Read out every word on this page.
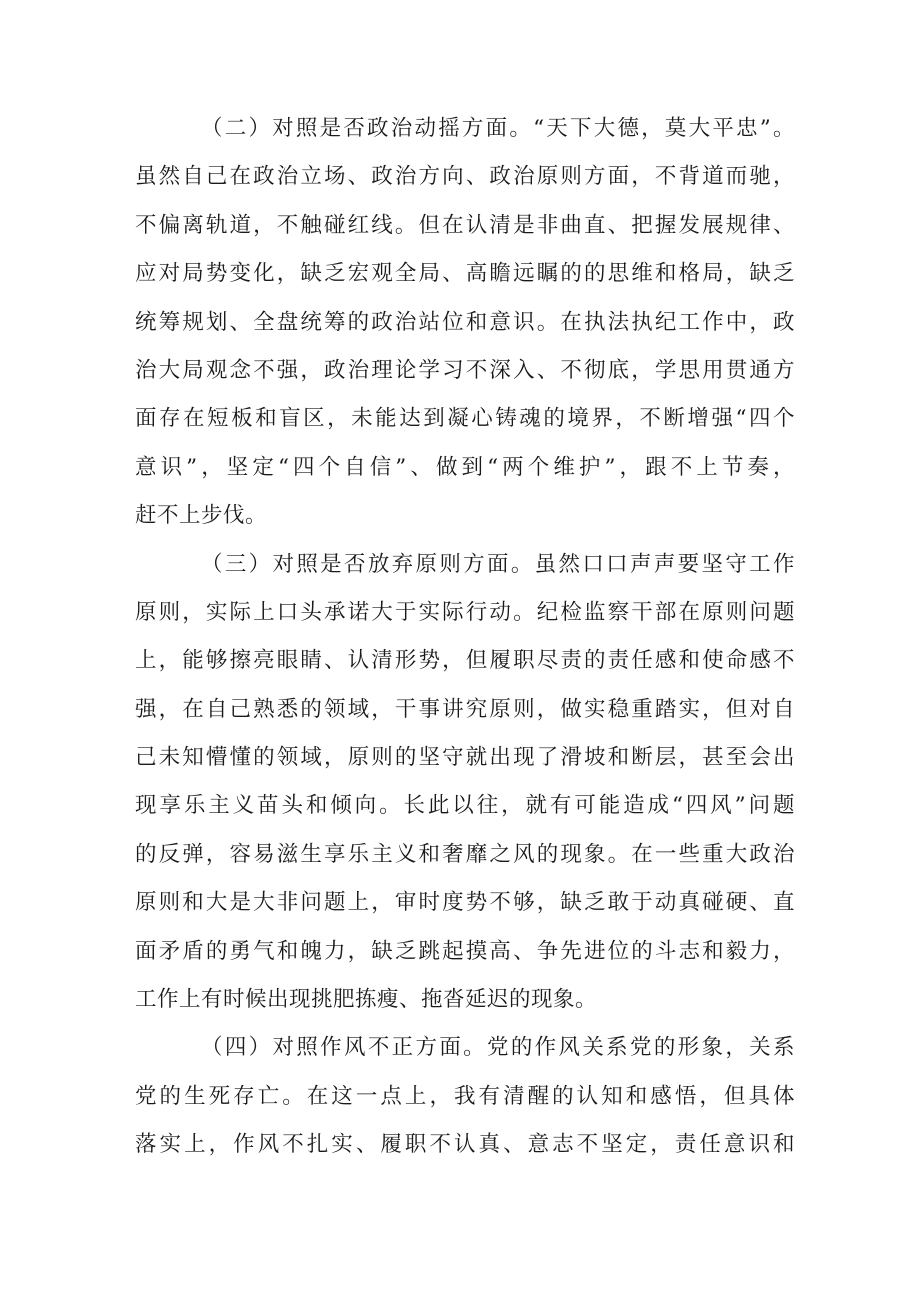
（二）对照是否政治动摇方面。“天下大德，莫大平忠”。
虽然自己在政治立场、政治方向、政治原则方面，不背道而驰，
不偏离轨道，不触碰红线。但在认清是非曲直、把握发展规律、
应对局势变化，缺乏宏观全局、高瞻远瞩的的思维和格局，缺乏
统筹规划、全盘统筹的政治站位和意识。在执法执纪工作中，政
治大局观念不强，政治理论学习不深入、不彻底，学思用贯通方
面存在短板和盲区，未能达到凝心铸魂的境界，不断增强“四个
意识”，坚定“四个自信”、做到“两个维护”，跟不上节奏，
赶不上步伐。
（三）对照是否放弃原则方面。虽然口口声声要坚守工作
原则，实际上口头承诺大于实际行动。纪检监察干部在原则问题
上，能够擦亮眼睛、认清形势，但履职尽责的责任感和使命感不
强，在自己熟悉的领域，干事讲究原则，做实稳重踏实，但对自
己未知懵懂的领域，原则的坚守就出现了滑坡和断层，甚至会出
现享乐主义苗头和倾向。长此以往，就有可能造成“四风”问题
的反弹，容易滋生享乐主义和奢靡之风的现象。在一些重大政治
原则和大是大非问题上，审时度势不够，缺乏敢于动真碰硬、直
面矛盾的勇气和魄力，缺乏跳起摸高、争先进位的斗志和毅力，
工作上有时候出现挑肥拣瘦、拖沓延迟的现象。
（四）对照作风不正方面。党的作风关系党的形象，关系
党的生死存亡。在这一点上，我有清醒的认知和感悟，但具体
落实上，作风不扎实、履职不认真、意志不坚定，责任意识和
